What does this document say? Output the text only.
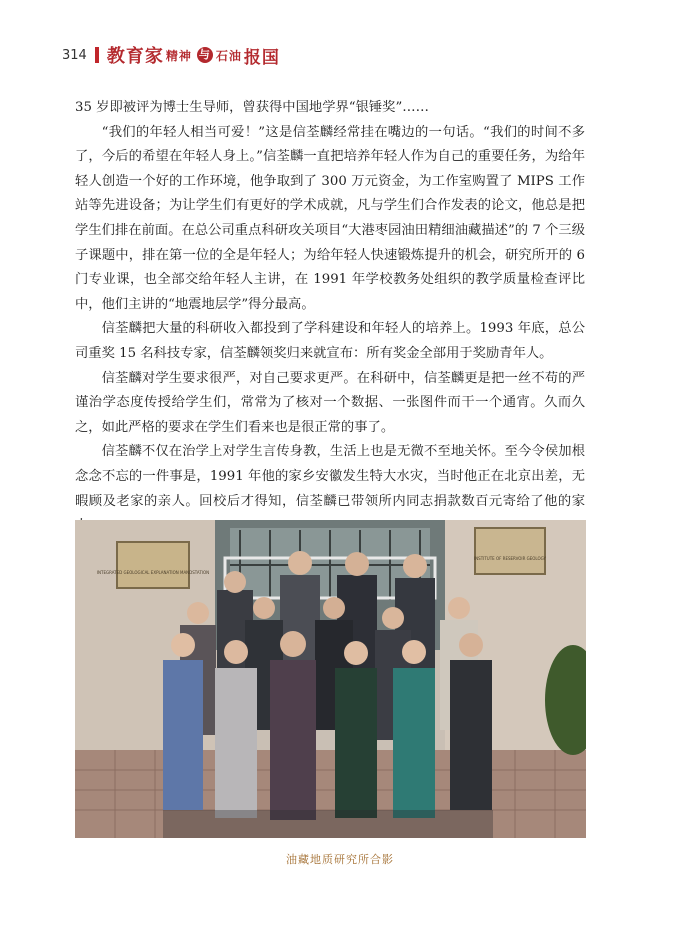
314 教育家 精神 与 石油 报国

35 岁即被评为博士生导师，曾获得中国地学界“银锤奖”……

“我们的年轻人相当可爱！”这是信荃麟经常挂在嘴边的一句话。“我们的时间不多了，今后的希望在年轻人身上。”信荃麟一直把培养年轻人作为自己的重要任务，为给年轻人创造一个好的工作环境，他争取到了 300 万元资金，为工作室购置了 MIPS 工作站等先进设备；为让学生们有更好的学术成就，凡与学生们合作发表的论文，他总是把学生们排在前面。在总公司重点科研攻关项目“大港枣园油田精细油藏描述”的 7 个三级子课题中，排在第一位的全是年轻人；为给年轻人快速锻炼提升的机会，研究所开的 6 门专业课，也全部交给年轻人主讲，在 1991 年学校教务处组织的教学质量检查评比中，他们主讲的“地震地层学”得分最高。

信荃麟把大量的科研收入都投到了学科建设和年轻人的培养上。1993 年底，总公司重奖 15 名科技专家，信荃麟领奖归来就宣布：所有奖金全部用于奖励青年人。

信荃麟对学生要求很严，对自己要求更严。在科研中，信荃麟更是把一丝不苟的严谨治学态度传授给学生们，常常为了核对一个数据、一张图件而干一个通宵。久而久之，如此严格的要求在学生们看来也是很正常的事了。

信荃麟不仅在治学上对学生言传身教，生活上也是无微不至地关怀。至今令侯加根念念不忘的一件事是，1991 年他的家乡安徽发生特大水灾，当时他正在北京出差，无暇顾及老家的亲人。回校后才得知，信荃麟已带领所内同志捐款数百元寄给了他的家

INTEGRATED GEOLOGICAL EXPLANATION MANDSTATION
INSTITUTE OF RESERVOIR GEOLOGY
油藏地质研究所合影
